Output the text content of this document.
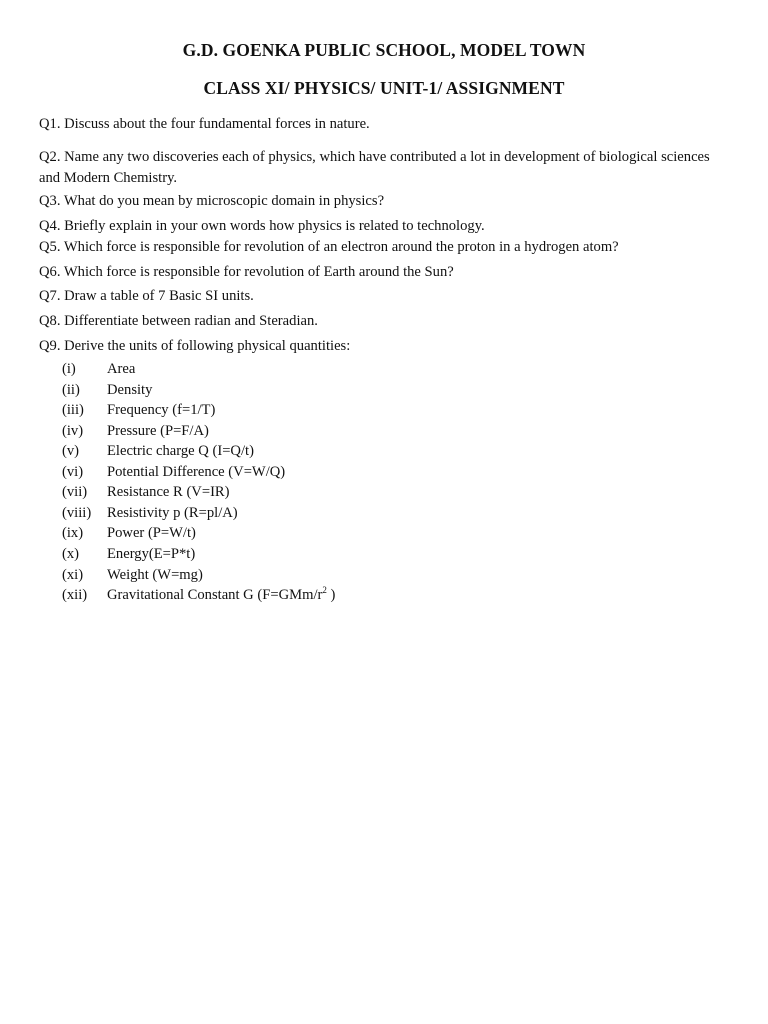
G.D. GOENKA PUBLIC SCHOOL, MODEL TOWN
CLASS XI/ PHYSICS/ UNIT-1/ ASSIGNMENT
Q1. Discuss about the four fundamental forces in nature.
Q2. Name any two discoveries each of physics, which have contributed a lot in development of biological sciences and Modern Chemistry.
Q3. What do you mean by microscopic domain in physics?
Q4. Briefly explain in your own words how physics is related to technology.
Q5. Which force is responsible for revolution of an electron around the proton in a hydrogen atom?
Q6. Which force is responsible for revolution of Earth around the Sun?
Q7. Draw a table of 7 Basic SI units.
Q8. Differentiate between radian and Steradian.
Q9. Derive the units of following physical quantities:
(i) Area
(ii) Density
(iii) Frequency (f=1/T)
(iv) Pressure (P=F/A)
(v) Electric charge Q (I=Q/t)
(vi) Potential Difference (V=W/Q)
(vii) Resistance R (V=IR)
(viii) Resistivity p (R=pl/A)
(ix) Power (P=W/t)
(x) Energy(E=P*t)
(xi) Weight (W=mg)
(xii) Gravitational Constant G ($F=GMm/r^2$ )
